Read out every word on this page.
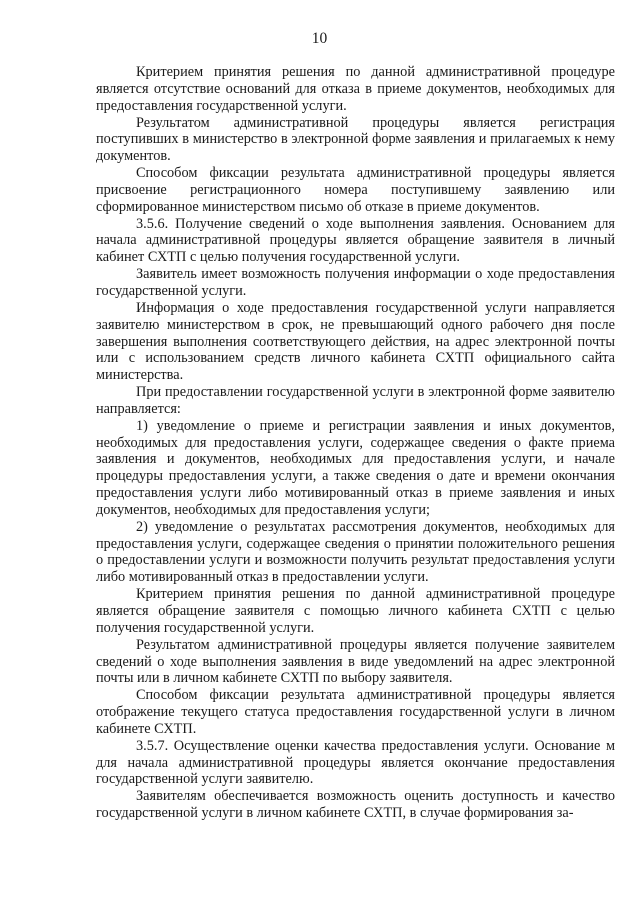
10

Критерием принятия решения по данной административной процедуре является отсутствие оснований для отказа в приеме документов, необходимых для предоставления государственной услуги.

Результатом административной процедуры является регистрация поступивших в министерство в электронной форме заявления и прилагаемых к нему документов.

Способом фиксации результата административной процедуры является присвоение регистрационного номера поступившему заявлению или сформированное министерством письмо об отказе в приеме документов.

3.5.6. Получение сведений о ходе выполнения заявления. Основанием для начала административной процедуры является обращение заявителя в личный кабинет СХТП с целью получения государственной услуги.

Заявитель имеет возможность получения информации о ходе предоставления государственной услуги.

Информация о ходе предоставления государственной услуги направляется заявителю министерством в срок, не превышающий одного рабочего дня после завершения выполнения соответствующего действия, на адрес электронной почты или с использованием средств личного кабинета СХТП официального сайта министерства.

При предоставлении государственной услуги в электронной форме заявителю направляется:

1) уведомление о приеме и регистрации заявления и иных документов, необходимых для предоставления услуги, содержащее сведения о факте приема заявления и документов, необходимых для предоставления услуги, и начале процедуры предоставления услуги, а также сведения о дате и времени окончания предоставления услуги либо мотивированный отказ в приеме заявления и иных документов, необходимых для предоставления услуги;

2) уведомление о результатах рассмотрения документов, необходимых для предоставления услуги, содержащее сведения о принятии положительного решения о предоставлении услуги и возможности получить результат предоставления услуги либо мотивированный отказ в предоставлении услуги.

Критерием принятия решения по данной административной процедуре является обращение заявителя с помощью личного кабинета СХТП с целью получения государственной услуги.

Результатом административной процедуры является получение заявителем сведений о ходе выполнения заявления в виде уведомлений на адрес электронной почты или в личном кабинете СХТП по выбору заявителя.

Способом фиксации результата административной процедуры является отображение текущего статуса предоставления государственной услуги в личном кабинете СХТП.

3.5.7. Осуществление оценки качества предоставления услуги. Основание м для начала административной процедуры является окончание предоставления государственной услуги заявителю.

Заявителям обеспечивается возможность оценить доступность и качество государственной услуги в личном кабинете СХТП, в случае формирования за-
